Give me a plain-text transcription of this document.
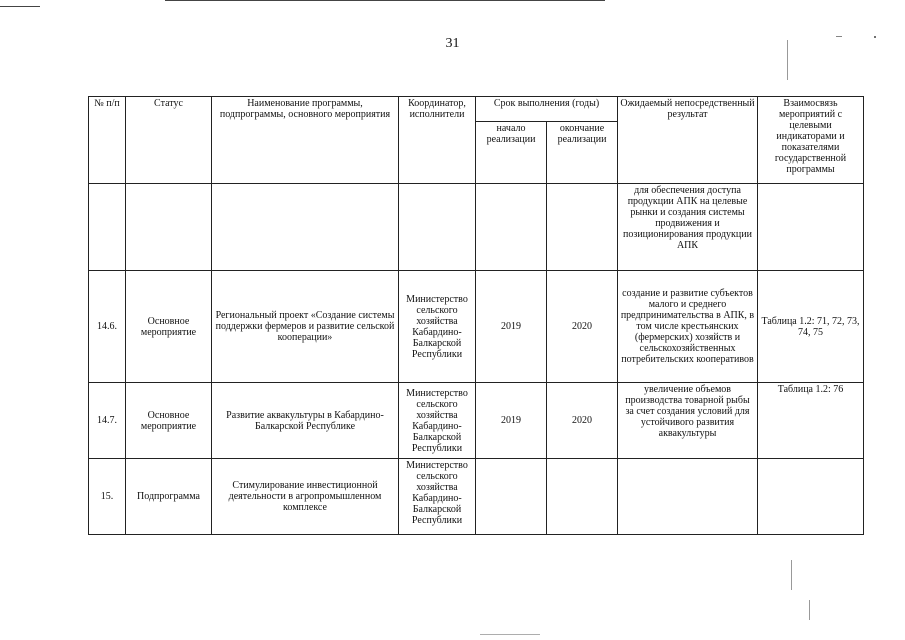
31
№ п/п	Статус	Наименование программы, подпрограммы, основного мероприятия	Координатор, исполнители	Срок выполнения (годы)		Ожидаемый непосредственный результат	Взаимосвязь мероприятий с целевыми индикаторами и показателями государственной программы
				начало реализации	окончание реализации		
						для обеспечения доступа продукции АПК на целевые рынки и создания системы продвижения и позиционирования продукции АПК	
14.6.	Основное мероприятие	Региональный проект «Создание системы поддержки фермеров и развитие сельской кооперации»	Министерство сельского хозяйства Кабардино-Балкарской Республики	2019	2020	создание и развитие субъектов малого и среднего предпринимательства в АПК, в том числе крестьянских (фермерских) хозяйств и сельскохозяйственных потребительских кооперативов	Таблица 1.2: 71, 72, 73, 74, 75
14.7.	Основное мероприятие	Развитие аквакультуры в Кабардино-Балкарской Республике	Министерство сельского хозяйства Кабардино-Балкарской Республики	2019	2020	увеличение объемов производства товарной рыбы за счет создания условий для устойчивого развития аквакультуры	Таблица 1.2: 76
15.	Подпрограмма	Стимулирование инвестиционной деятельности в агропромышленном комплексе	Министерство сельского хозяйства Кабардино-Балкарской Республики				
